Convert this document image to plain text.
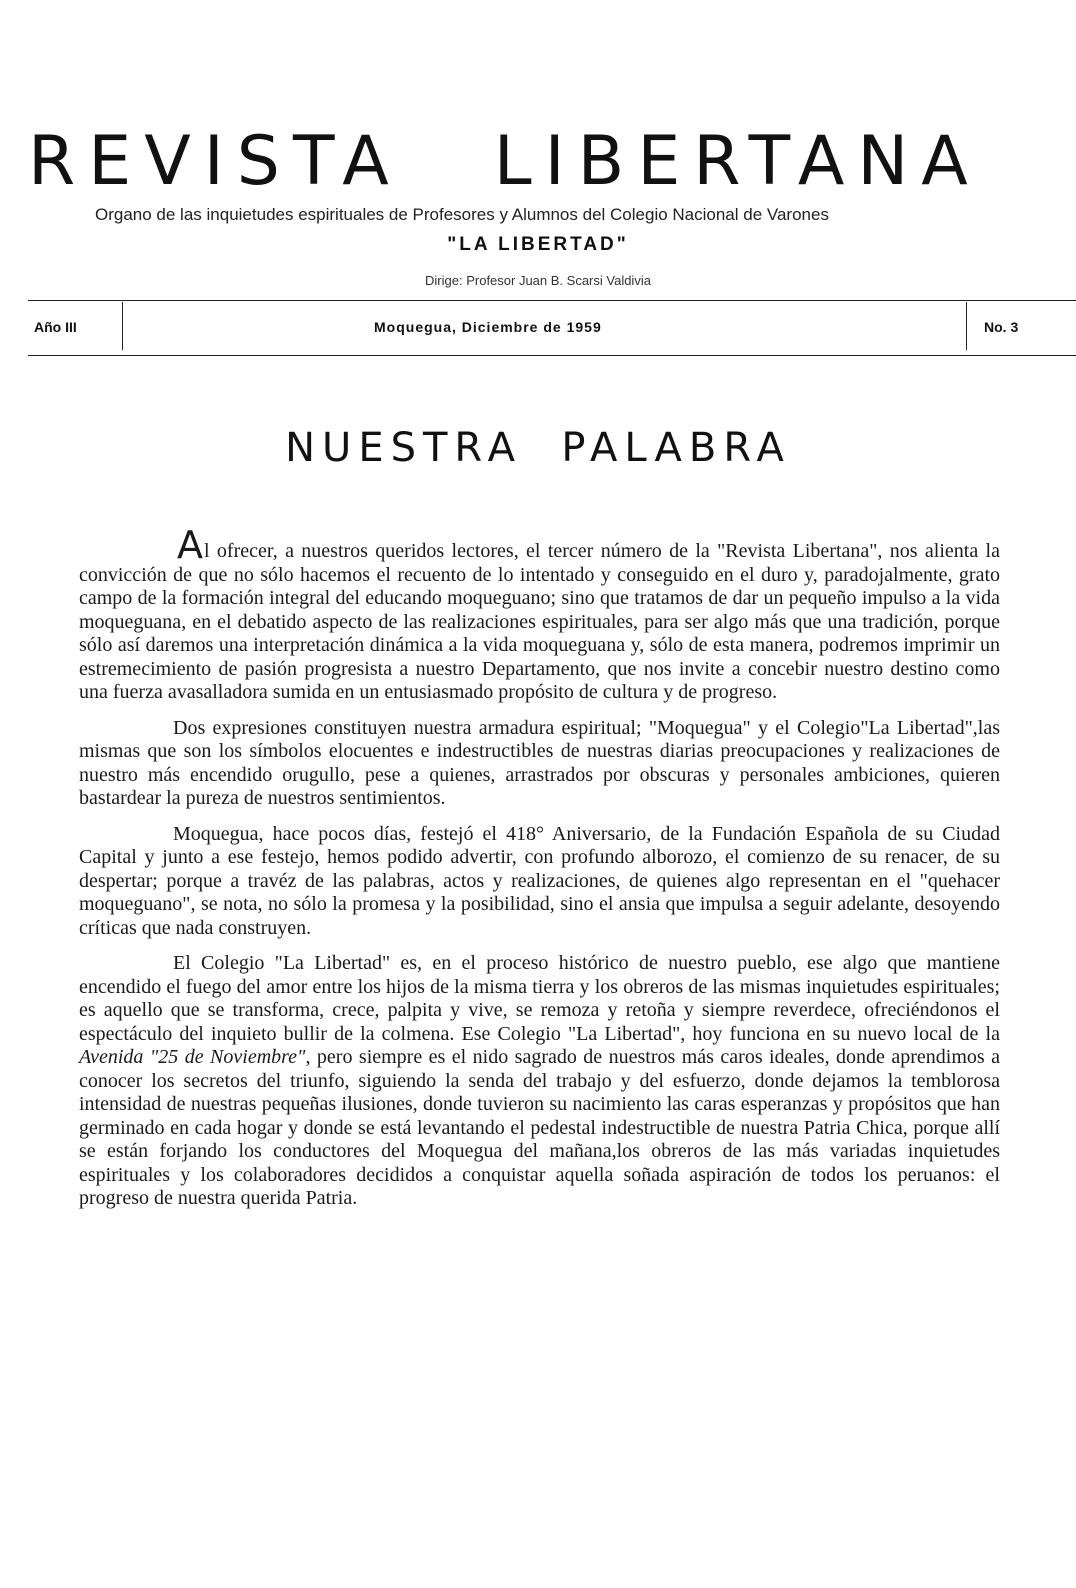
REVISTA LIBERTANA
Organo de las inquietudes espirituales de Profesores y Alumnos del Colegio Nacional de Varones
"LA LIBERTAD"
Dirige: Profesor Juan B. Scarsi Valdivia
Año III	Moquegua, Diciembre de 1959	No. 3
NUESTRA  PALABRA

Al ofrecer, a nuestros queridos lectores, el tercer número de la "Revista Libertana", nos alienta la convicción de que no sólo hacemos el recuento de lo intentado y conseguido en el duro y, paradojalmente, grato campo de la formación integral del educando moqueguano; sino que tratamos de dar un pequeño impulso a la vida moqueguana, en el debatido aspecto de las realizaciones espirituales, para ser algo más que una tradición, porque sólo así daremos una interpretación dinámica a la vida moqueguana y, sólo de esta manera, podremos imprimir un estremecimiento de pasión progresista a nuestro Departamento, que nos invite a concebir nuestro destino como una fuerza avasalladora sumida en un entusiasmado propósito de cultura y de progreso.

Dos expresiones constituyen nuestra armadura espiritual; "Moquegua" y el Colegio"La Libertad",las mismas que son los símbolos elocuentes e indestructibles de nuestras diarias preocupaciones y realizaciones de nuestro más encendido orugullo, pese a quienes, arrastrados por obscuras y personales ambiciones, quieren bastardear la pureza de nuestros sentimientos.

Moquegua, hace pocos días, festejó el 418° Aniversario, de la Fundación Española de su Ciudad Capital y junto a ese festejo, hemos podido advertir, con profundo alborozo, el comienzo de su renacer, de su despertar; porque a travéz de las palabras, actos y realizaciones, de quienes algo representan en el "quehacer moqueguano", se nota, no sólo la promesa y la posibilidad, sino el ansia que impulsa a seguir adelante, desoyendo críticas que nada construyen.

El Colegio "La Libertad" es, en el proceso histórico de nuestro pueblo, ese algo que mantiene encendido el fuego del amor entre los hijos de la misma tierra y los obreros de las mismas inquietudes espirituales; es aquello que se transforma, crece, palpita y vive, se remoza y retoña y siempre reverdece, ofreciéndonos el espectáculo del inquieto bullir de la colmena. Ese Colegio "La Libertad", hoy funciona en su nuevo local de la Avenida "25 de Noviembre", pero siempre es el nido sagrado de nuestros más caros ideales, donde aprendimos a conocer los secretos del triunfo, siguiendo la senda del trabajo y del esfuerzo, donde dejamos la temblorosa intensidad de nuestras pequeñas ilusiones, donde tuvieron su nacimiento las caras esperanzas y propósitos que han germinado en cada hogar y donde se está levantando el pedestal indestructible de nuestra Patria Chica, porque allí se están forjando los conductores del Moquegua del mañana,los obreros de las más variadas inquietudes espirituales y los colaboradores decididos a conquistar aquella soñada aspiración de todos los peruanos: el progreso de nuestra querida Patria.
